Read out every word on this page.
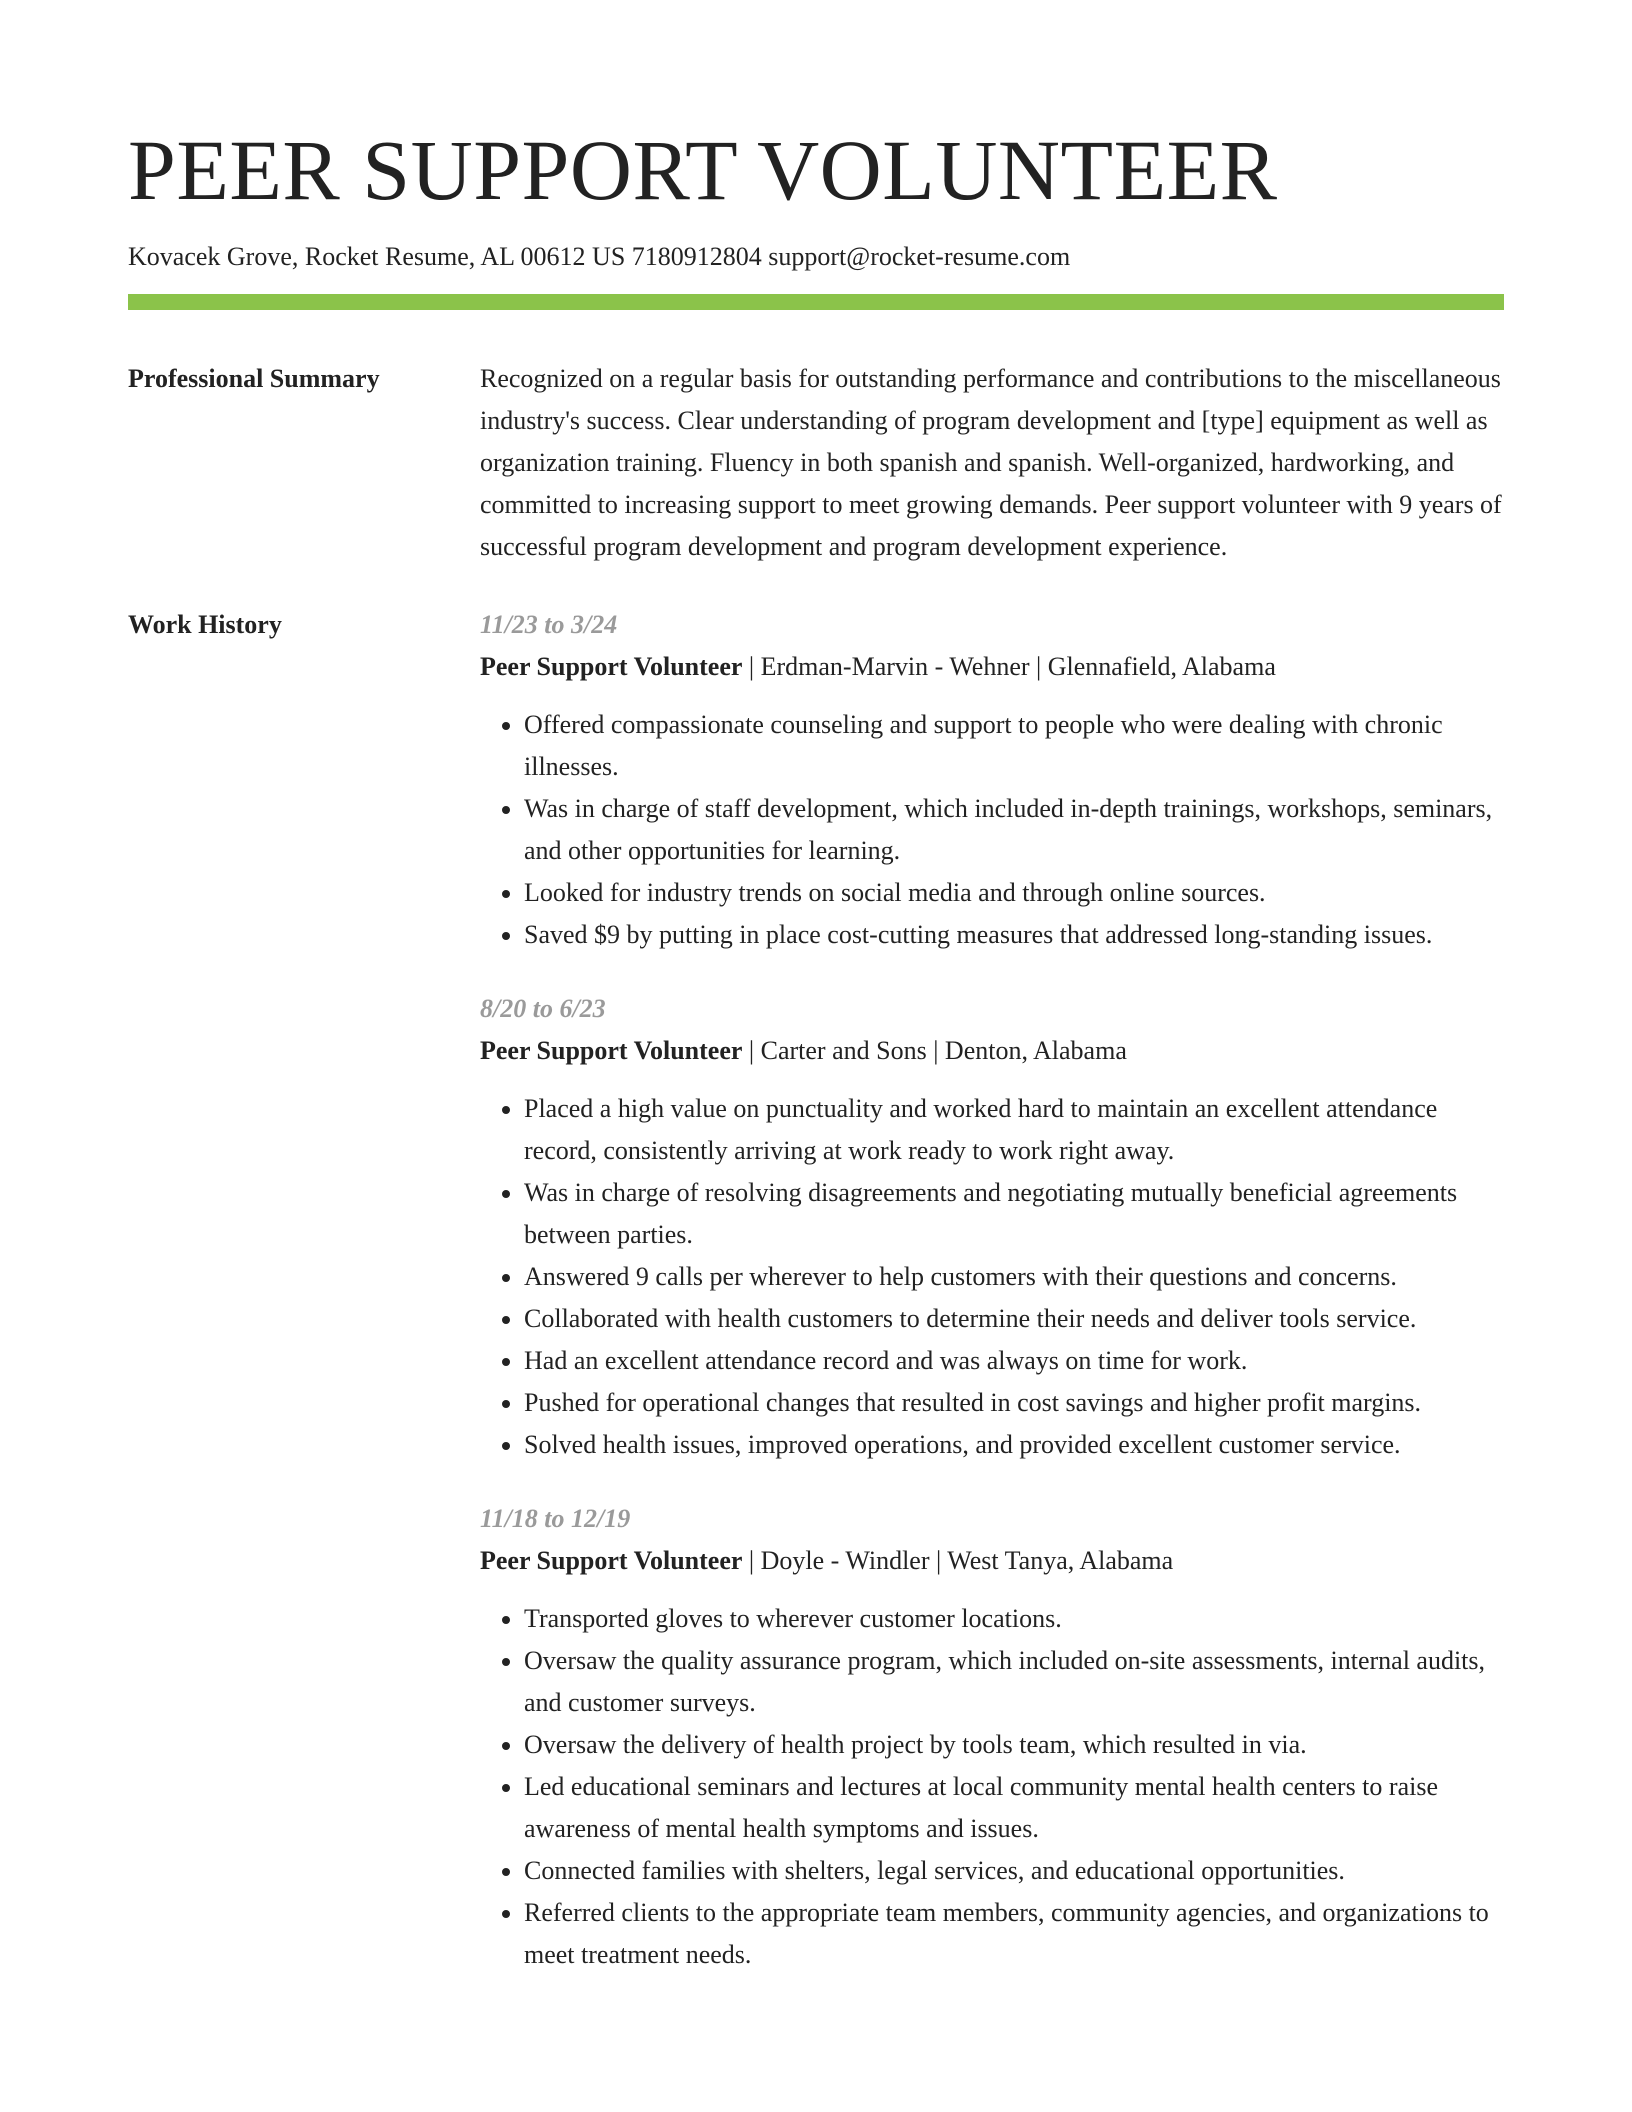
PEER SUPPORT VOLUNTEER
Kovacek Grove, Rocket Resume, AL 00612 US 7180912804 support@rocket-resume.com
Professional Summary	Recognized on a regular basis for outstanding performance and contributions to the miscellaneous industry's success. Clear understanding of program development and [type] equipment as well as organization training. Fluency in both spanish and spanish. Well-organized, hardworking, and committed to increasing support to meet growing demands. Peer support volunteer with 9 years of successful program development and program development experience.

Work History	11/23 to 3/24
Peer Support Volunteer | Erdman-Marvin - Wehner | Glennafield, Alabama
• Offered compassionate counseling and support to people who were dealing with chronic illnesses.
• Was in charge of staff development, which included in-depth trainings, workshops, seminars, and other opportunities for learning.
• Looked for industry trends on social media and through online sources.
• Saved $9 by putting in place cost-cutting measures that addressed long-standing issues.
8/20 to 6/23
Peer Support Volunteer | Carter and Sons | Denton, Alabama
• Placed a high value on punctuality and worked hard to maintain an excellent attendance record, consistently arriving at work ready to work right away.
• Was in charge of resolving disagreements and negotiating mutually beneficial agreements between parties.
• Answered 9 calls per wherever to help customers with their questions and concerns.
• Collaborated with health customers to determine their needs and deliver tools service.
• Had an excellent attendance record and was always on time for work.
• Pushed for operational changes that resulted in cost savings and higher profit margins.
• Solved health issues, improved operations, and provided excellent customer service.
11/18 to 12/19
Peer Support Volunteer | Doyle - Windler | West Tanya, Alabama
• Transported gloves to wherever customer locations.
• Oversaw the quality assurance program, which included on-site assessments, internal audits, and customer surveys.
• Oversaw the delivery of health project by tools team, which resulted in via.
• Led educational seminars and lectures at local community mental health centers to raise awareness of mental health symptoms and issues.
• Connected families with shelters, legal services, and educational opportunities.
• Referred clients to the appropriate team members, community agencies, and organizations to meet treatment needs.
